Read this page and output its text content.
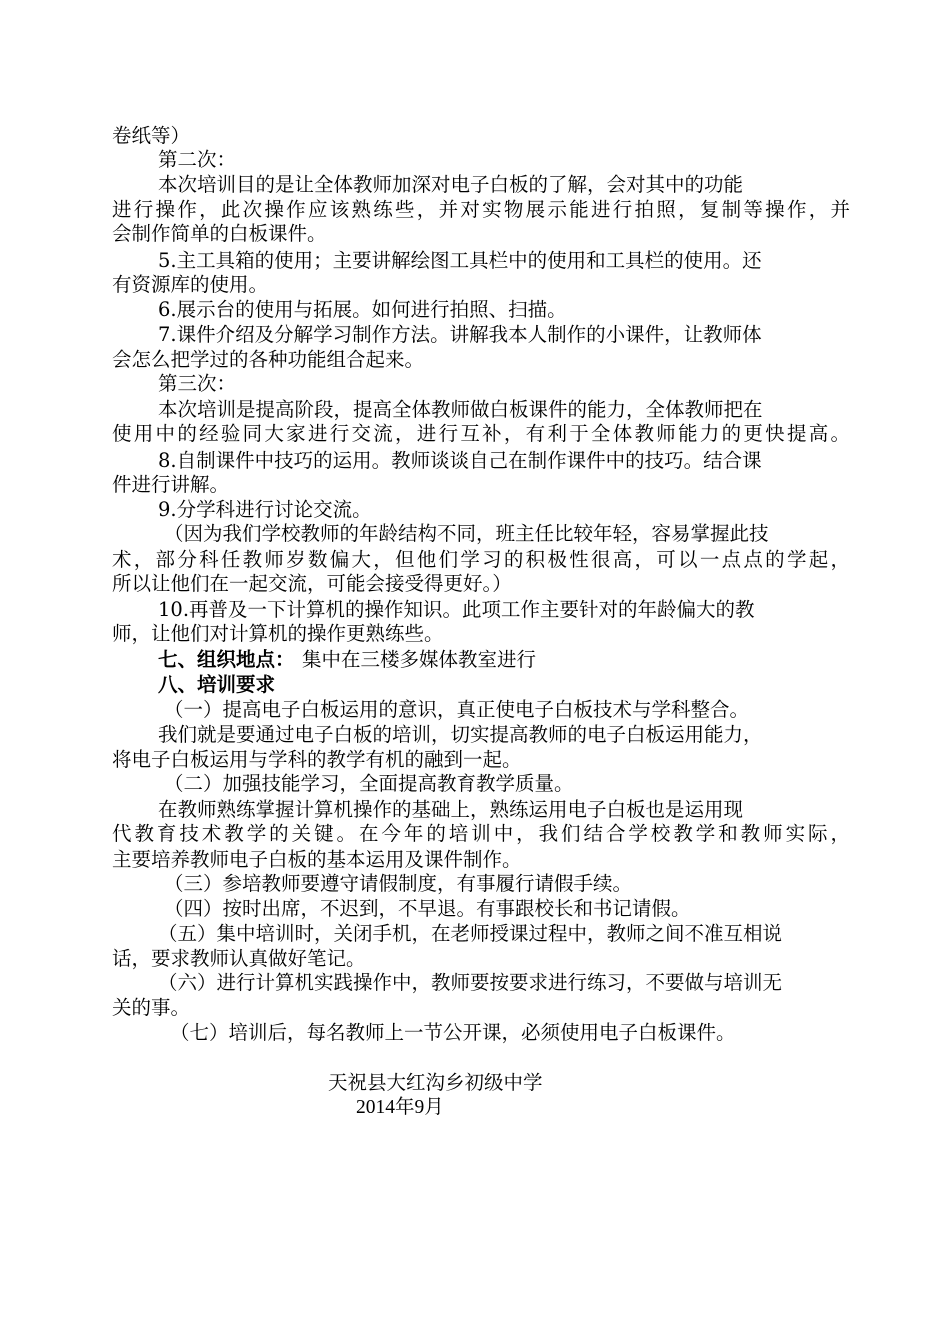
卷纸等）

第二次：

本次培训目的是让全体教师加深对电子白板的了解，会对其中的功能

进行操作，此次操作应该熟练些，并对实物展示能进行拍照，复制等操作，并

会制作简单的白板课件。

5.主工具箱的使用；主要讲解绘图工具栏中的使用和工具栏的使用。还

有资源库的使用。

6.展示台的使用与拓展。如何进行拍照、扫描。

7.课件介绍及分解学习制作方法。讲解我本人制作的小课件，让教师体

会怎么把学过的各种功能组合起来。

第三次：

本次培训是提高阶段，提高全体教师做白板课件的能力，全体教师把在

使用中的经验同大家进行交流，进行互补，有利于全体教师能力的更快提高。

8.自制课件中技巧的运用。教师谈谈自己在制作课件中的技巧。结合课

件进行讲解。

9.分学科进行讨论交流。

（因为我们学校教师的年龄结构不同，班主任比较年轻，容易掌握此技

术，部分科任教师岁数偏大，但他们学习的积极性很高，可以一点点的学起，

所以让他们在一起交流，可能会接受得更好。）

10.再普及一下计算机的操作知识。此项工作主要针对的年龄偏大的教

师，让他们对计算机的操作更熟练些。

七、组织地点： 集中在三楼多媒体教室进行

八、培训要求

（一）提高电子白板运用的意识，真正使电子白板技术与学科整合。

我们就是要通过电子白板的培训，切实提高教师的电子白板运用能力，

将电子白板运用与学科的教学有机的融到一起。

（二）加强技能学习，全面提高教育教学质量。

在教师熟练掌握计算机操作的基础上，熟练运用电子白板也是运用现

代教育技术教学的关键。在今年的培训中，我们结合学校教学和教师实际，

主要培养教师电子白板的基本运用及课件制作。

（三）参培教师要遵守请假制度，有事履行请假手续。

（四）按时出席，不迟到，不早退。有事跟校长和书记请假。

（五）集中培训时，关闭手机，在老师授课过程中，教师之间不准互相说

话，要求教师认真做好笔记。

（六）进行计算机实践操作中，教师要按要求进行练习，不要做与培训无

关的事。

（七）培训后，每名教师上一节公开课，必须使用电子白板课件。

天祝县大红沟乡初级中学

2014年9月
